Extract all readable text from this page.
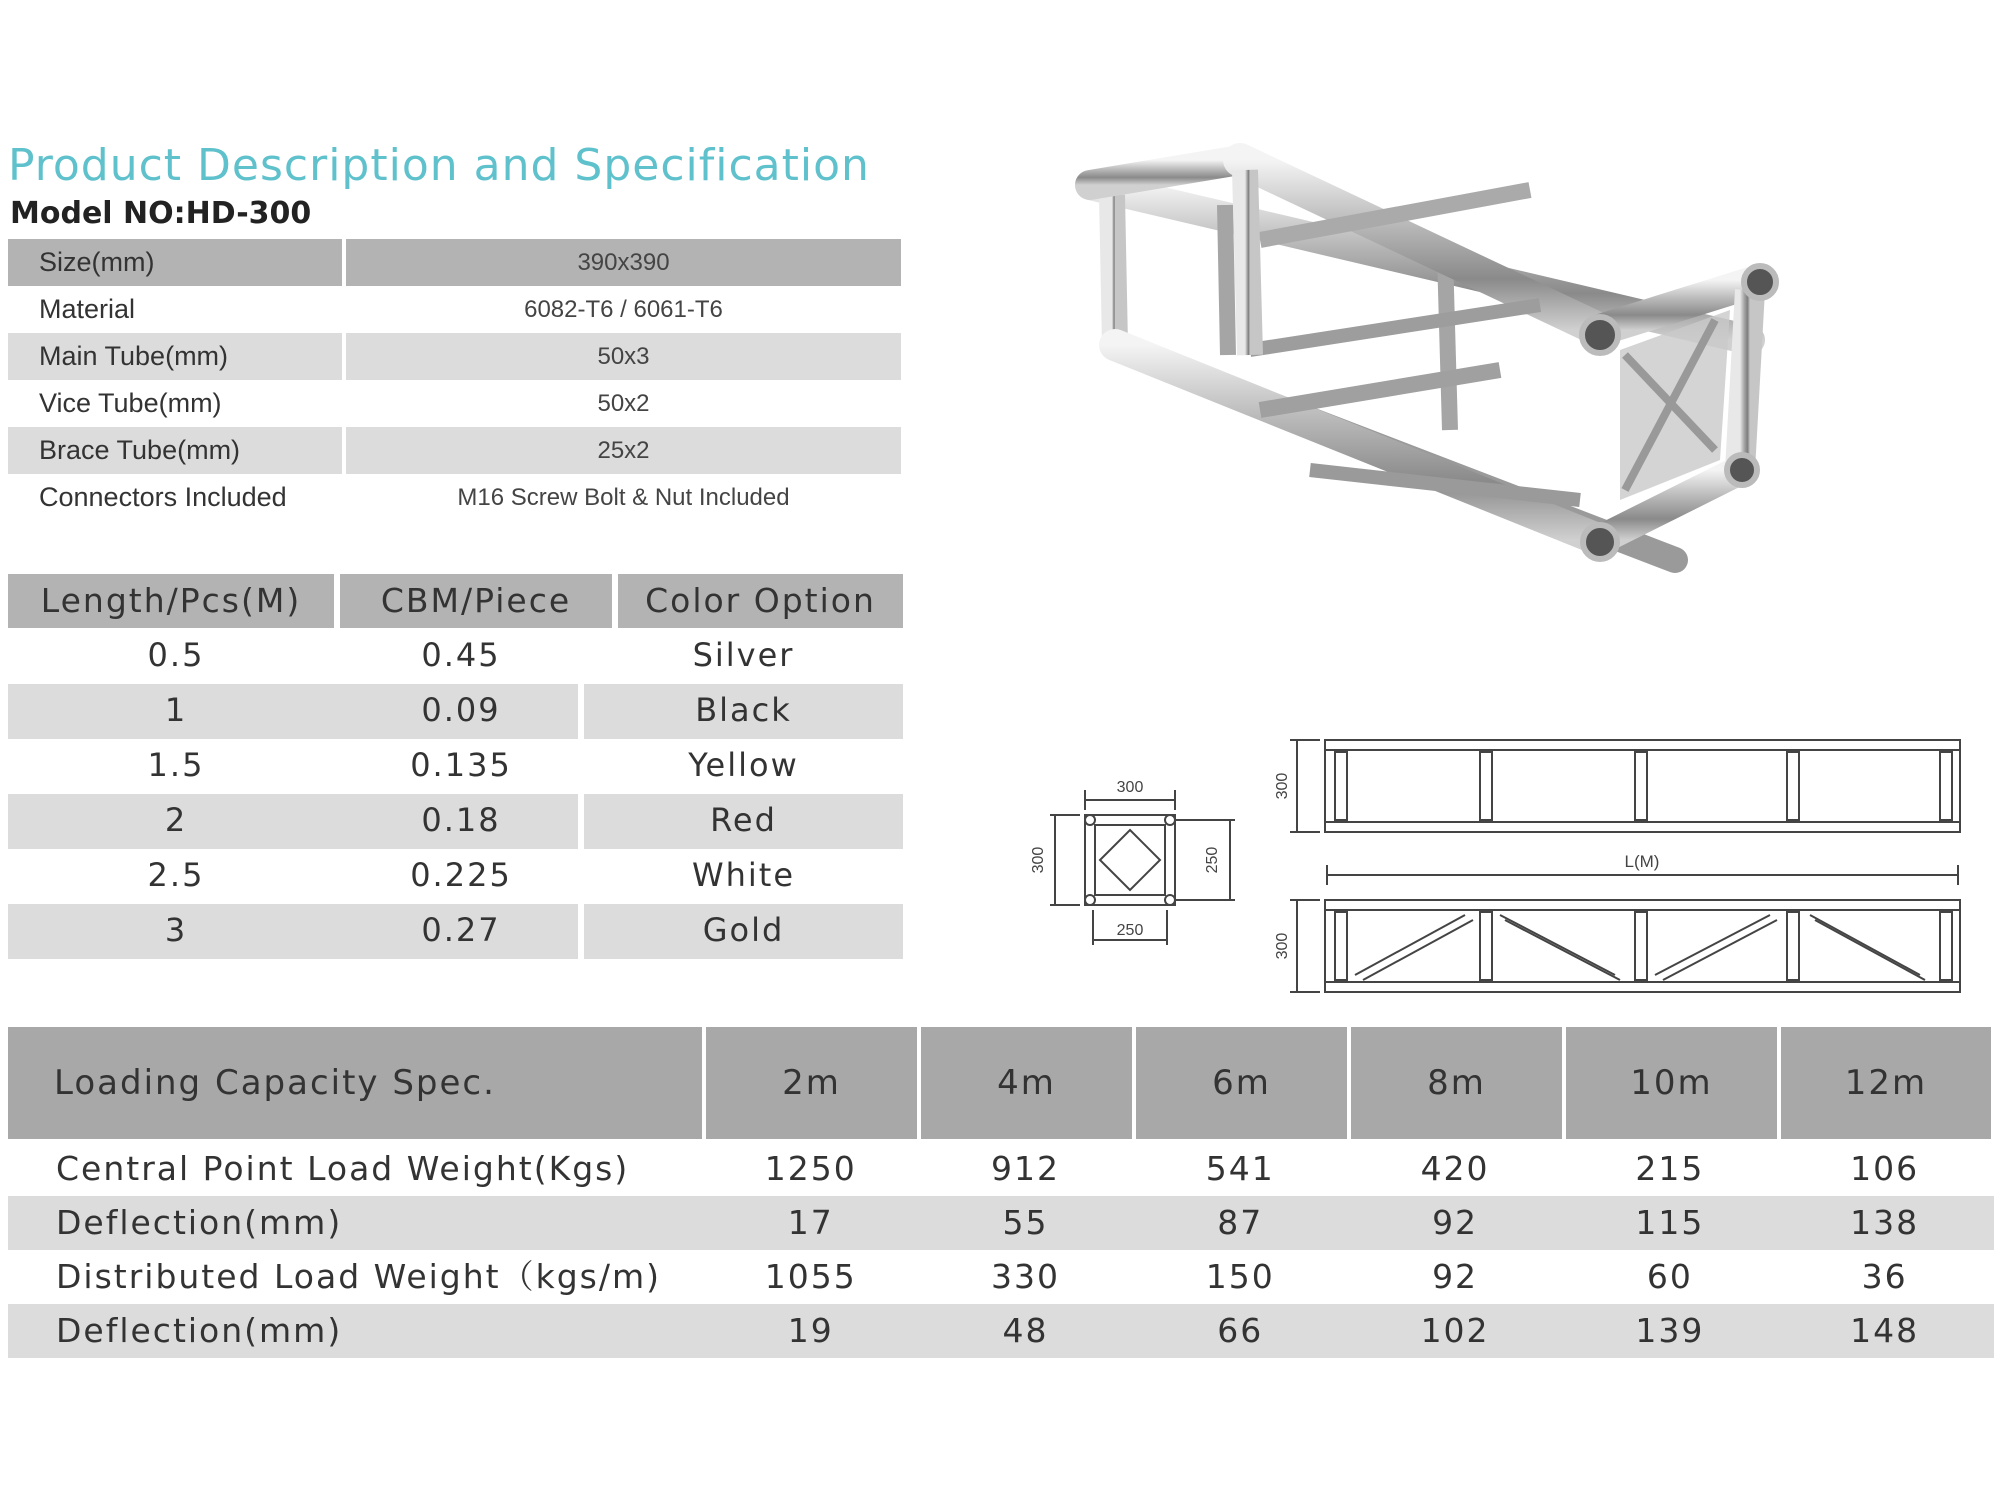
Product Description and Specification
Model NO:HD-300
Size(mm)	390x390
Material	6082-T6 / 6061-T6
Main Tube(mm)	50x3
Vice Tube(mm)	50x2
Brace Tube(mm)	25x2
Connectors Included	M16 Screw Bolt & Nut Included
Length/Pcs(M)	CBM/Piece	Color Option
0.5	0.45	Silver
1	0.09	Black
1.5	0.135	Yellow
2	0.18	Red
2.5	0.225	White
3	0.27	Gold
300
300	250
250
300
L(M)
300
Loading Capacity Spec.	2m	4m	6m	8m	10m	12m
Central Point Load Weight(Kgs)	1250	912	541	420	215	106
Deflection(mm)	17	55	87	92	115	138
Distributed Load Weight（kgs/m)	1055	330	150	92	60	36
Deflection(mm)	19	48	66	102	139	148
